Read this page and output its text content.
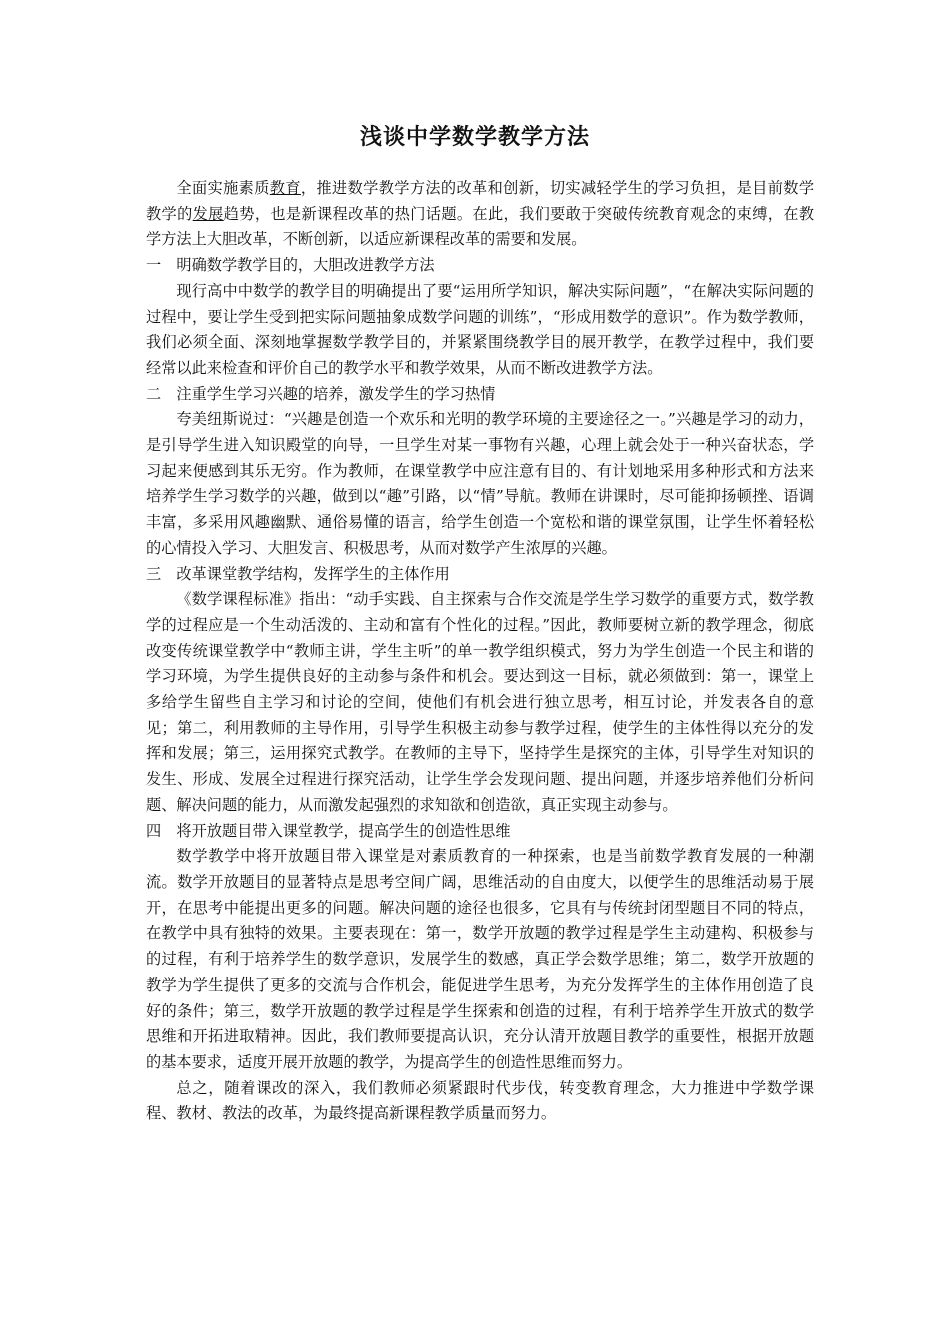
浅谈中学数学教学方法

全面实施素质教育，推进数学教学方法的改革和创新，切实减轻学生的学习负担，是目前数学教学的发展趋势，也是新课程改革的热门话题。在此，我们要敢于突破传统教育观念的束缚，在教学方法上大胆改革，不断创新，以适应新课程改革的需要和发展。

一　明确数学教学目的，大胆改进教学方法

现行高中中数学的教学目的明确提出了要“运用所学知识，解决实际问题”，“在解决实际问题的过程中，要让学生受到把实际问题抽象成数学问题的训练”，“形成用数学的意识”。作为数学教师，我们必须全面、深刻地掌握数学教学目的，并紧紧围绕教学目的展开教学，在教学过程中，我们要经常以此来检查和评价自己的教学水平和教学效果，从而不断改进教学方法。

二　注重学生学习兴趣的培养，激发学生的学习热情

夸美纽斯说过：“兴趣是创造一个欢乐和光明的教学环境的主要途径之一。”兴趣是学习的动力，是引导学生进入知识殿堂的向导，一旦学生对某一事物有兴趣，心理上就会处于一种兴奋状态，学习起来便感到其乐无穷。作为教师，在课堂教学中应注意有目的、有计划地采用多种形式和方法来培养学生学习数学的兴趣，做到以“趣”引路，以“情”导航。教师在讲课时，尽可能抑扬顿挫、语调丰富，多采用风趣幽默、通俗易懂的语言，给学生创造一个宽松和谐的课堂氛围，让学生怀着轻松的心情投入学习、大胆发言、积极思考，从而对数学产生浓厚的兴趣。

三　改革课堂教学结构，发挥学生的主体作用

《数学课程标准》指出：“动手实践、自主探索与合作交流是学生学习数学的重要方式，数学教学的过程应是一个生动活泼的、主动和富有个性化的过程。”因此，教师要树立新的教学理念，彻底改变传统课堂教学中“教师主讲，学生主听”的单一教学组织模式，努力为学生创造一个民主和谐的学习环境，为学生提供良好的主动参与条件和机会。要达到这一目标，就必须做到：第一，课堂上多给学生留些自主学习和讨论的空间，使他们有机会进行独立思考，相互讨论，并发表各自的意见；第二，利用教师的主导作用，引导学生积极主动参与教学过程，使学生的主体性得以充分的发挥和发展；第三，运用探究式教学。在教师的主导下，坚持学生是探究的主体，引导学生对知识的发生、形成、发展全过程进行探究活动，让学生学会发现问题、提出问题，并逐步培养他们分析问题、解决问题的能力，从而激发起强烈的求知欲和创造欲，真正实现主动参与。

四　将开放题目带入课堂教学，提高学生的创造性思维

数学教学中将开放题目带入课堂是对素质教育的一种探索，也是当前数学教育发展的一种潮流。数学开放题目的显著特点是思考空间广阔，思维活动的自由度大，以便学生的思维活动易于展开，在思考中能提出更多的问题。解决问题的途径也很多，它具有与传统封闭型题目不同的特点，在教学中具有独特的效果。主要表现在：第一，数学开放题的教学过程是学生主动建构、积极参与的过程，有利于培养学生的数学意识，发展学生的数感，真正学会数学思维；第二，数学开放题的教学为学生提供了更多的交流与合作机会，能促进学生思考，为充分发挥学生的主体作用创造了良好的条件；第三，数学开放题的教学过程是学生探索和创造的过程，有利于培养学生开放式的数学思维和开拓进取精神。因此，我们教师要提高认识，充分认清开放题目教学的重要性，根据开放题的基本要求，适度开展开放题的教学，为提高学生的创造性思维而努力。

总之，随着课改的深入，我们教师必须紧跟时代步伐，转变教育理念，大力推进中学数学课程、教材、教法的改革，为最终提高新课程教学质量而努力。
